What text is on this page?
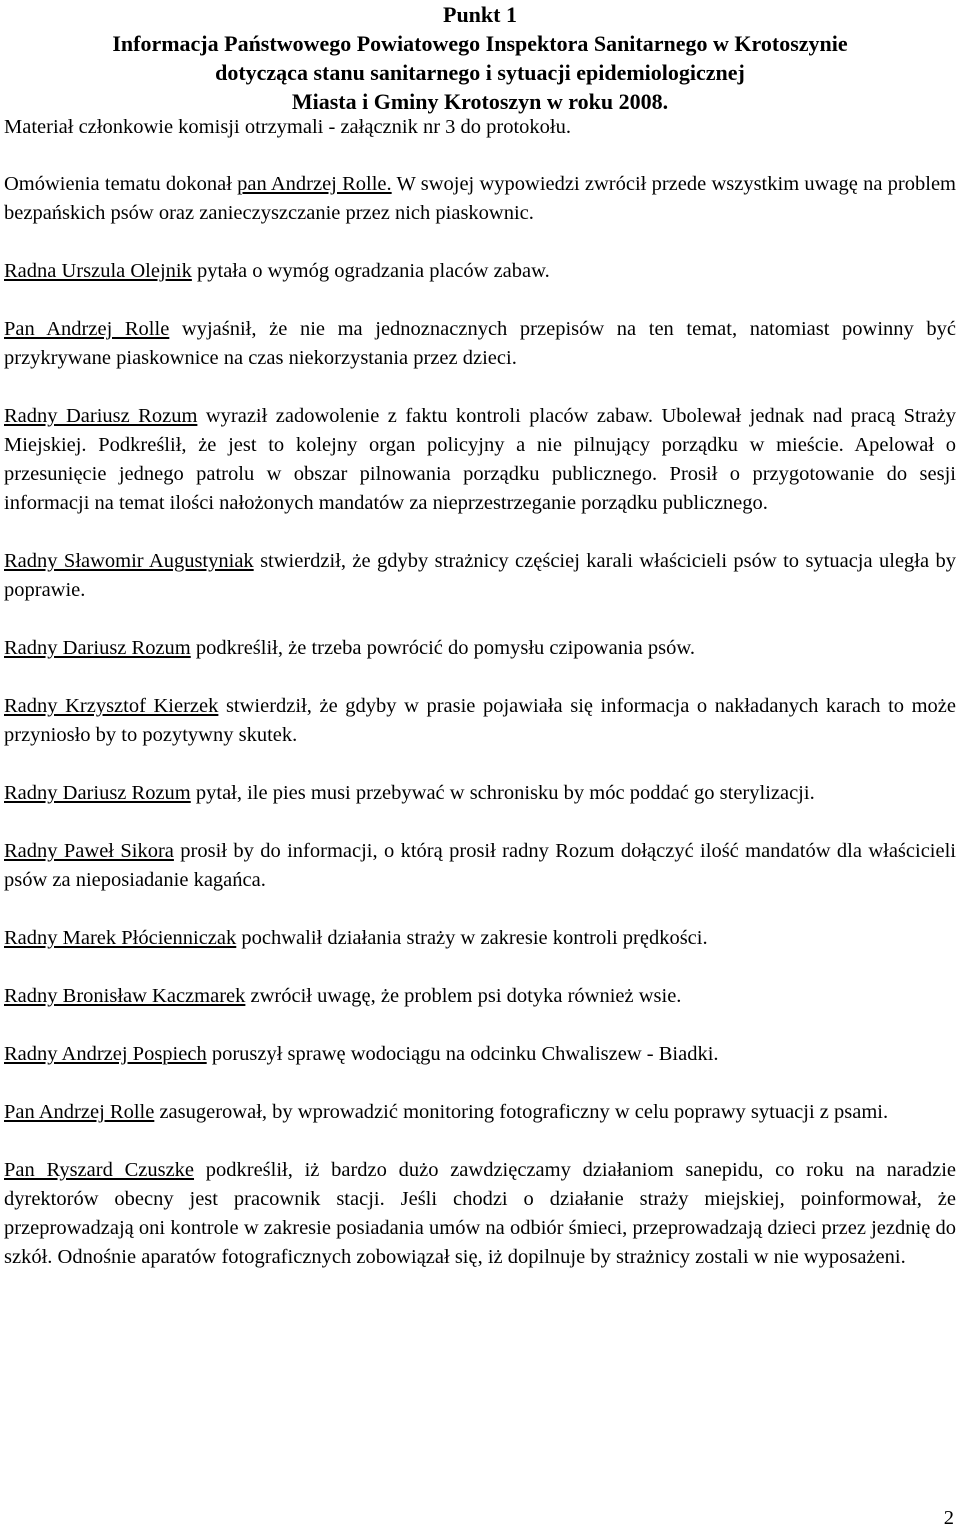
Punkt 1
Informacja Państwowego Powiatowego Inspektora Sanitarnego w Krotoszynie
dotycząca stanu sanitarnego i sytuacji epidemiologicznej
Miasta i Gminy Krotoszyn w roku 2008.

Materiał członkowie komisji otrzymali - załącznik nr 3 do protokołu.

Omówienia tematu dokonał pan Andrzej Rolle. W swojej wypowiedzi zwrócił przede wszystkim uwagę na problem bezpańskich psów oraz zanieczyszczanie przez nich piaskownic.

Radna Urszula Olejnik pytała o wymóg ogradzania placów zabaw.

Pan Andrzej Rolle wyjaśnił, że nie ma jednoznacznych przepisów na ten temat, natomiast powinny być przykrywane piaskownice na czas niekorzystania przez dzieci.

Radny Dariusz Rozum wyraził zadowolenie z faktu kontroli placów zabaw. Ubolewał jednak nad pracą Straży Miejskiej. Podkreślił, że jest to kolejny organ policyjny a nie pilnujący porządku w mieście. Apelował o przesunięcie jednego patrolu w obszar pilnowania porządku publicznego. Prosił o przygotowanie do sesji informacji na temat ilości nałożonych mandatów za nieprzestrzeganie porządku publicznego.

Radny Sławomir Augustyniak stwierdził, że gdyby strażnicy częściej karali właścicieli psów to sytuacja uległa by poprawie.

Radny Dariusz Rozum podkreślił, że trzeba powrócić do pomysłu czipowania psów.

Radny Krzysztof Kierzek stwierdził, że gdyby w prasie pojawiała się informacja o nakładanych karach to może przyniosło by to pozytywny skutek.

Radny Dariusz Rozum pytał, ile pies musi przebywać w schronisku by móc poddać go sterylizacji.

Radny Paweł Sikora prosił by do informacji, o którą prosił radny Rozum dołączyć ilość mandatów dla właścicieli psów za nieposiadanie kagańca.

Radny Marek Płócienniczak pochwalił działania straży w zakresie kontroli prędkości.

Radny Bronisław Kaczmarek zwrócił uwagę, że problem psi dotyka również wsie.

Radny Andrzej Pospiech poruszył sprawę wodociągu na odcinku Chwaliszew - Biadki.

Pan Andrzej Rolle zasugerował, by wprowadzić monitoring fotograficzny w celu poprawy sytuacji z psami.

Pan Ryszard Czuszke podkreślił, iż bardzo dużo zawdzięczamy działaniom sanepidu, co roku na naradzie dyrektorów obecny jest pracownik stacji. Jeśli chodzi o działanie straży miejskiej, poinformował, że przeprowadzają oni kontrole w zakresie posiadania umów na odbiór śmieci, przeprowadzają dzieci przez jezdnię do szkół. Odnośnie aparatów fotograficznych zobowiązał się, iż dopilnuje by strażnicy zostali w nie wyposażeni.

2
